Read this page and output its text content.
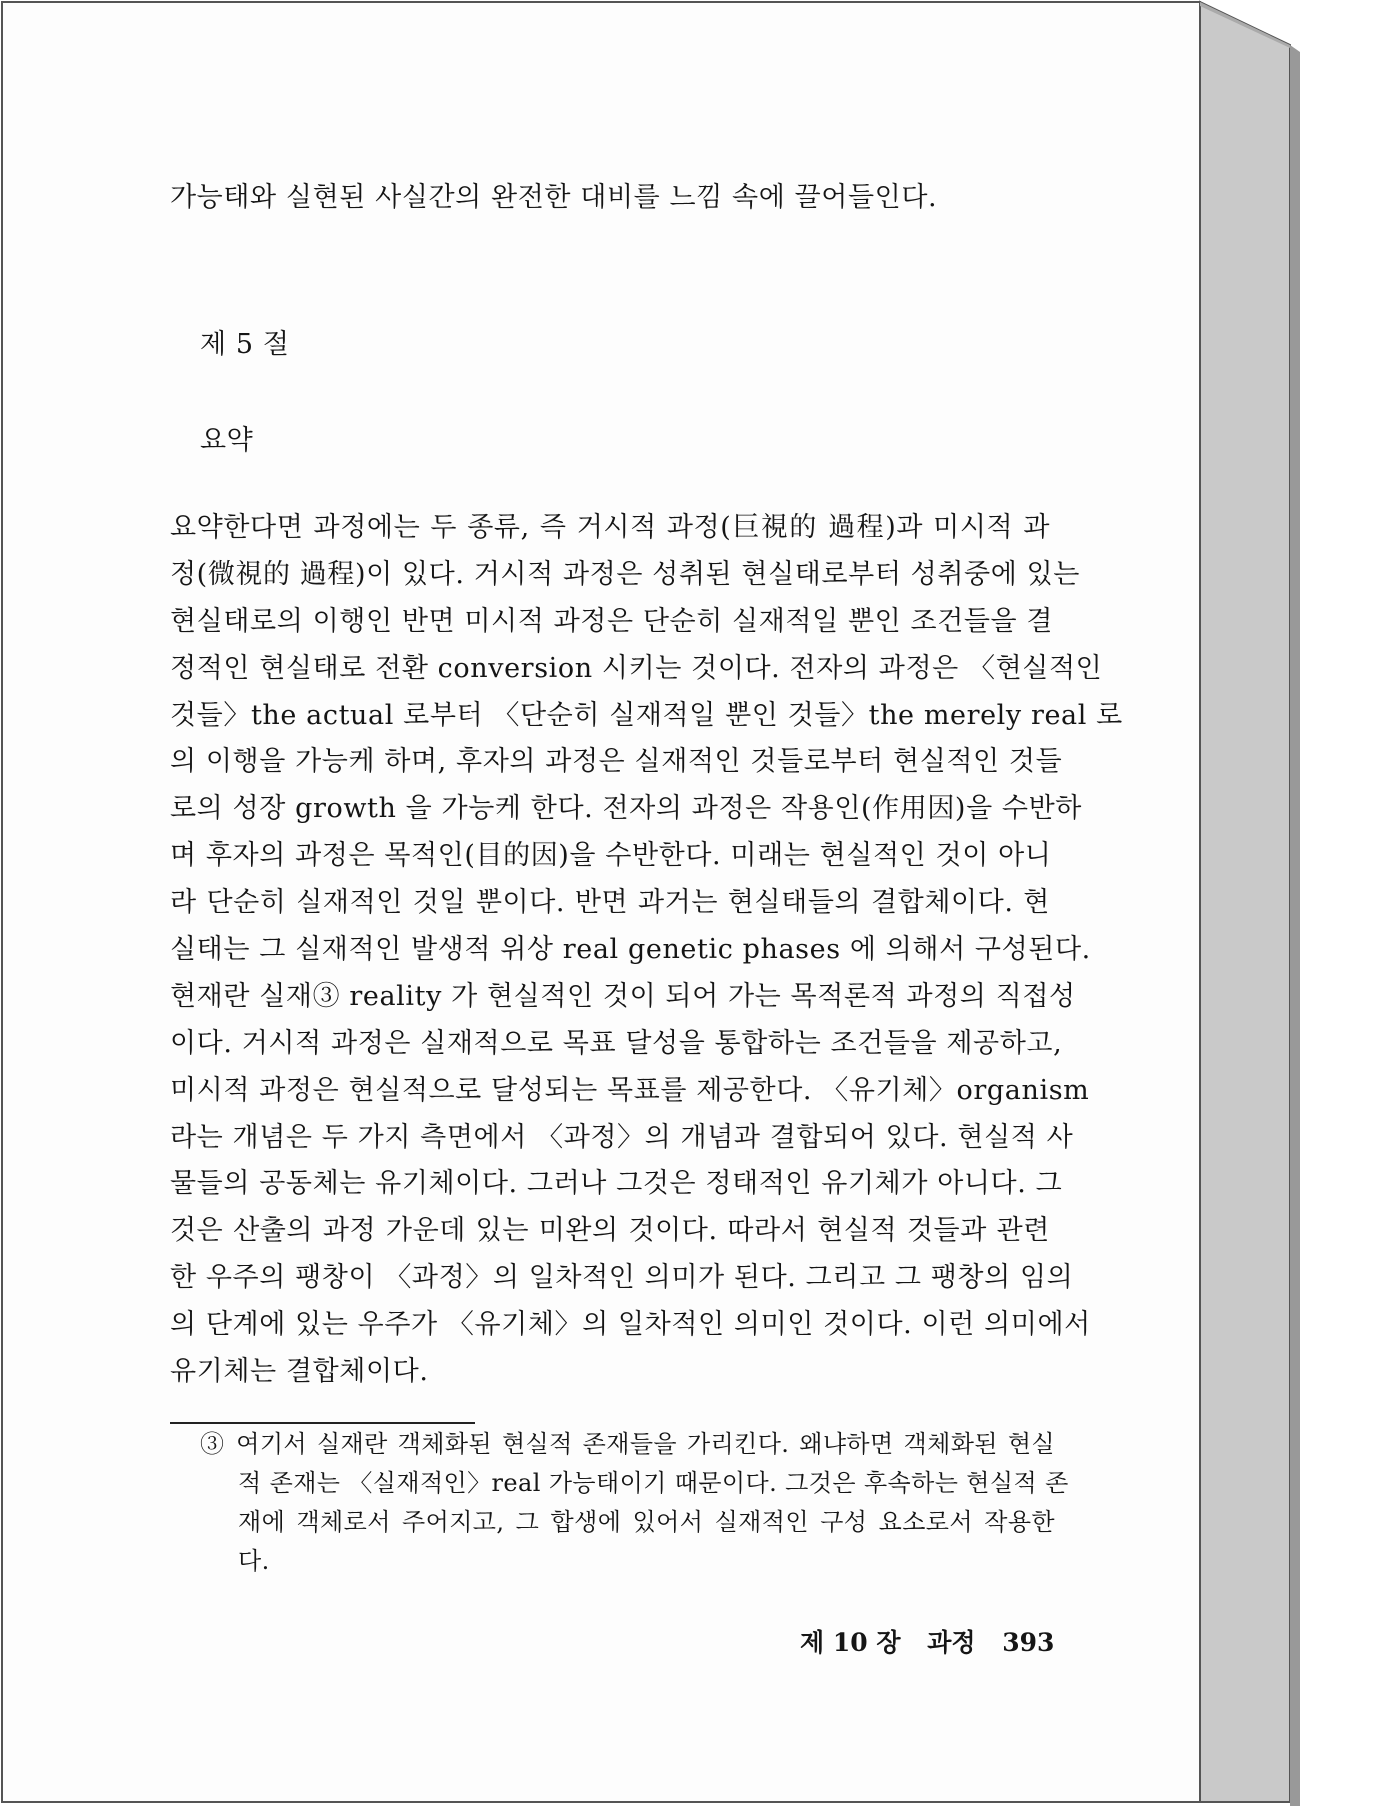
가능태와 실현된 사실간의 완전한 대비를 느낌 속에 끌어들인다.
제 5 절
요약
요약한다면 과정에는 두 종류, 즉 거시적 과정(巨視的 過程)과 미시적 과
정(微視的 過程)이 있다. 거시적 과정은 성취된 현실태로부터 성취중에 있는
현실태로의 이행인 반면 미시적 과정은 단순히 실재적일 뿐인 조건들을 결
정적인 현실태로 전환 conversion 시키는 것이다. 전자의 과정은 〈현실적인
것들〉the actual 로부터 〈단순히 실재적일 뿐인 것들〉the merely real 로
의 이행을 가능케 하며, 후자의 과정은 실재적인 것들로부터 현실적인 것들
로의 성장 growth 을 가능케 한다. 전자의 과정은 작용인(作用因)을 수반하
며 후자의 과정은 목적인(目的因)을 수반한다. 미래는 현실적인 것이 아니
라 단순히 실재적인 것일 뿐이다. 반면 과거는 현실태들의 결합체이다. 현
실태는 그 실재적인 발생적 위상 real genetic phases 에 의해서 구성된다.
현재란 실재③ reality 가 현실적인 것이 되어 가는 목적론적 과정의 직접성
이다. 거시적 과정은 실재적으로 목표 달성을 통합하는 조건들을 제공하고,
미시적 과정은 현실적으로 달성되는 목표를 제공한다. 〈유기체〉organism
라는 개념은 두 가지 측면에서 〈과정〉의 개념과 결합되어 있다. 현실적 사
물들의 공동체는 유기체이다. 그러나 그것은 정태적인 유기체가 아니다. 그
것은 산출의 과정 가운데 있는 미완의 것이다. 따라서 현실적 것들과 관련
한 우주의 팽창이 〈과정〉의 일차적인 의미가 된다. 그리고 그 팽창의 임의
의 단계에 있는 우주가 〈유기체〉의 일차적인 의미인 것이다. 이런 의미에서
유기체는 결합체이다.
③ 여기서 실재란 객체화된 현실적 존재들을 가리킨다. 왜냐하면 객체화된 현실
적 존재는 〈실재적인〉real 가능태이기 때문이다. 그것은 후속하는 현실적 존
재에 객체로서 주어지고, 그 합생에 있어서 실재적인 구성 요소로서 작용한
다.
제 10 장 과정 393
